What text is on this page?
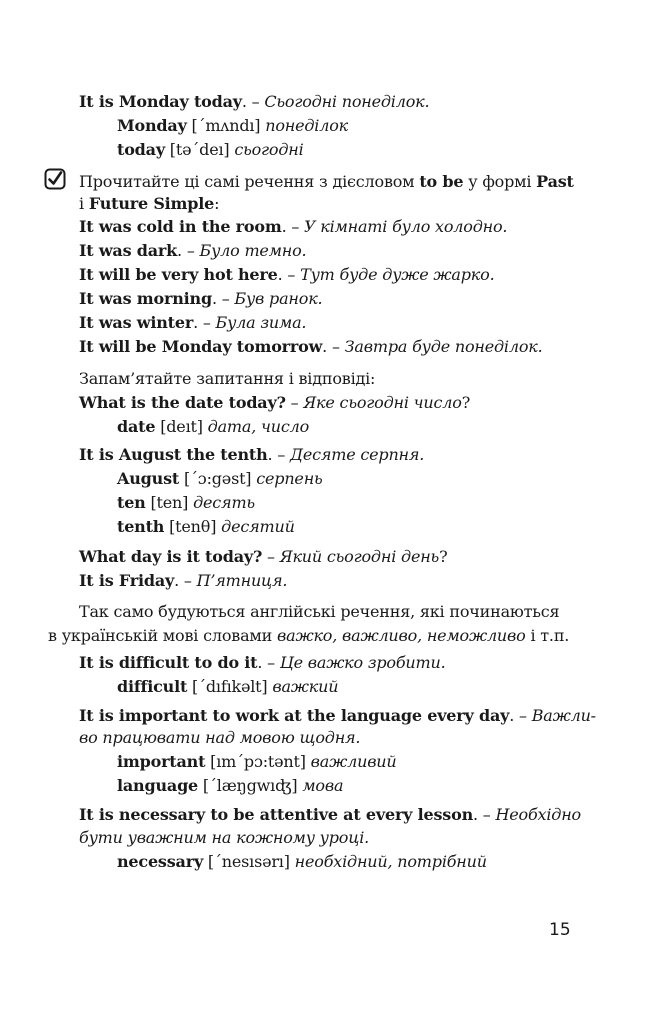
It is Monday today. – Сьогодні понеділок.
Monday [΄mʌndı] понеділок
today [tə΄deı] сьогодні
Прочитайте ці самі речення з дієсловом to be у формі Past
і Future Simple:
It was cold in the room. – У кімнаті було холодно.
It was dark. – Було темно.
It will be very hot here. – Тут буде дуже жарко.
It was morning. – Був ранок.
It was winter. – Була зима.
It will be Monday tomorrow. – Завтра буде понеділок.
Запам’ятайте запитання і відповіді:
What is the date today? – Яке сьогодні число?
date [deıt] дата, число
It is August the tenth. – Десяте серпня.
August [΄ɔ:gəst] серпень
ten [ten] десять
tenth [tenθ] десятий
What day is it today? – Який сьогодні день?
It is Friday. – П’ятниця.
Так само будуються англійські речення, які починаються
в українській мові словами важко, важливо, неможливо і т.п.
It is difficult to do it. – Це важко зробити.
difficult [΄dıfıkəlt] важкий
It is important to work at the language every day. – Важли-
во працювати над мовою щодня.
important [ım΄pɔ:tənt] важливий
language [΄læŋgwıʤ] мова
It is necessary to be attentive at every lesson. – Необхідно
бути уважним на кожному уроці.
necessary [΄nesısərı] необхідний, потрібний
15
